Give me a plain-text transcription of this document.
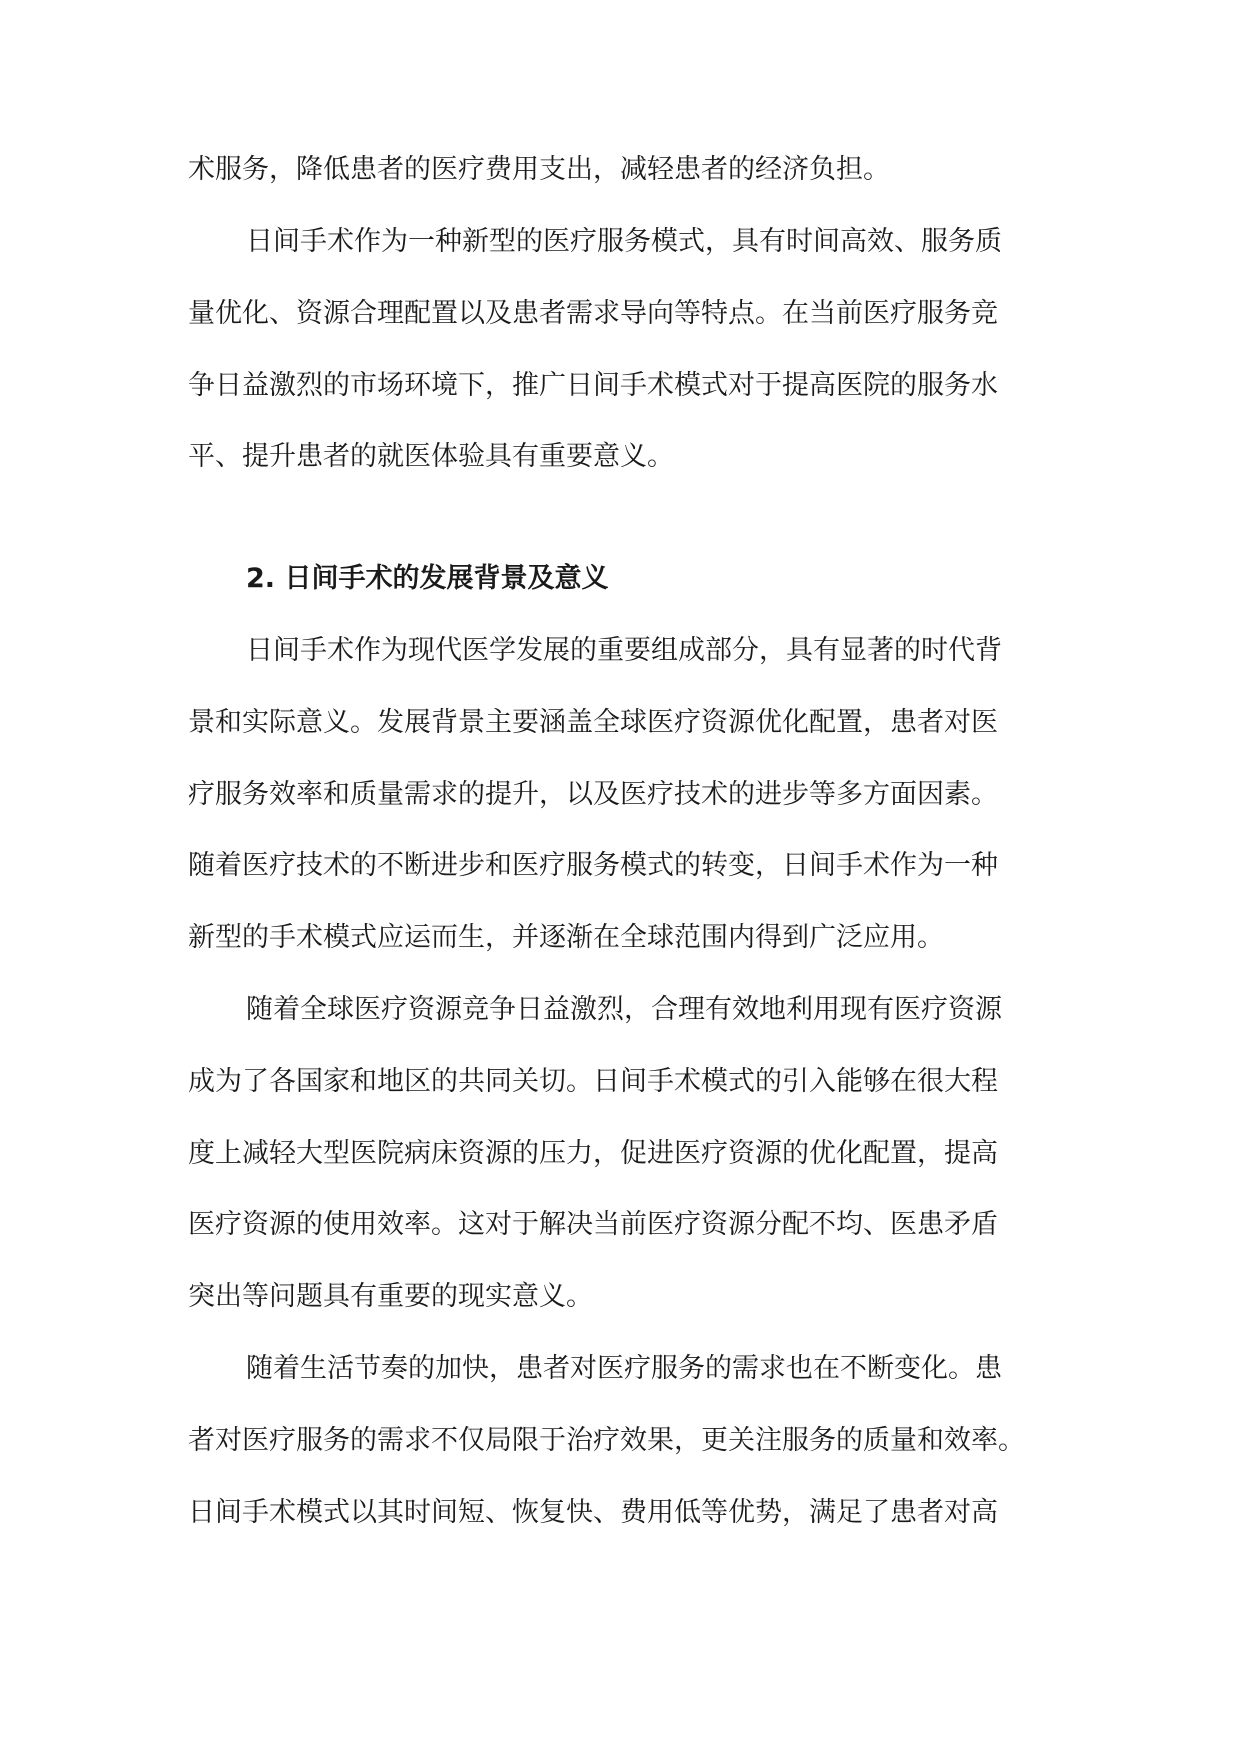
术服务，降低患者的医疗费用支出，减轻患者的经济负担。
日间手术作为一种新型的医疗服务模式，具有时间高效、服务质
量优化、资源合理配置以及患者需求导向等特点。在当前医疗服务竞
争日益激烈的市场环境下，推广日间手术模式对于提高医院的服务水
平、提升患者的就医体验具有重要意义。
2. 日间手术的发展背景及意义
日间手术作为现代医学发展的重要组成部分，具有显著的时代背
景和实际意义。发展背景主要涵盖全球医疗资源优化配置，患者对医
疗服务效率和质量需求的提升，以及医疗技术的进步等多方面因素。
随着医疗技术的不断进步和医疗服务模式的转变，日间手术作为一种
新型的手术模式应运而生，并逐渐在全球范围内得到广泛应用。
随着全球医疗资源竞争日益激烈，合理有效地利用现有医疗资源
成为了各国家和地区的共同关切。日间手术模式的引入能够在很大程
度上减轻大型医院病床资源的压力，促进医疗资源的优化配置，提高
医疗资源的使用效率。这对于解决当前医疗资源分配不均、医患矛盾
突出等问题具有重要的现实意义。
随着生活节奏的加快，患者对医疗服务的需求也在不断变化。患
者对医疗服务的需求不仅局限于治疗效果，更关注服务的质量和效率。
日间手术模式以其时间短、恢复快、费用低等优势，满足了患者对高
